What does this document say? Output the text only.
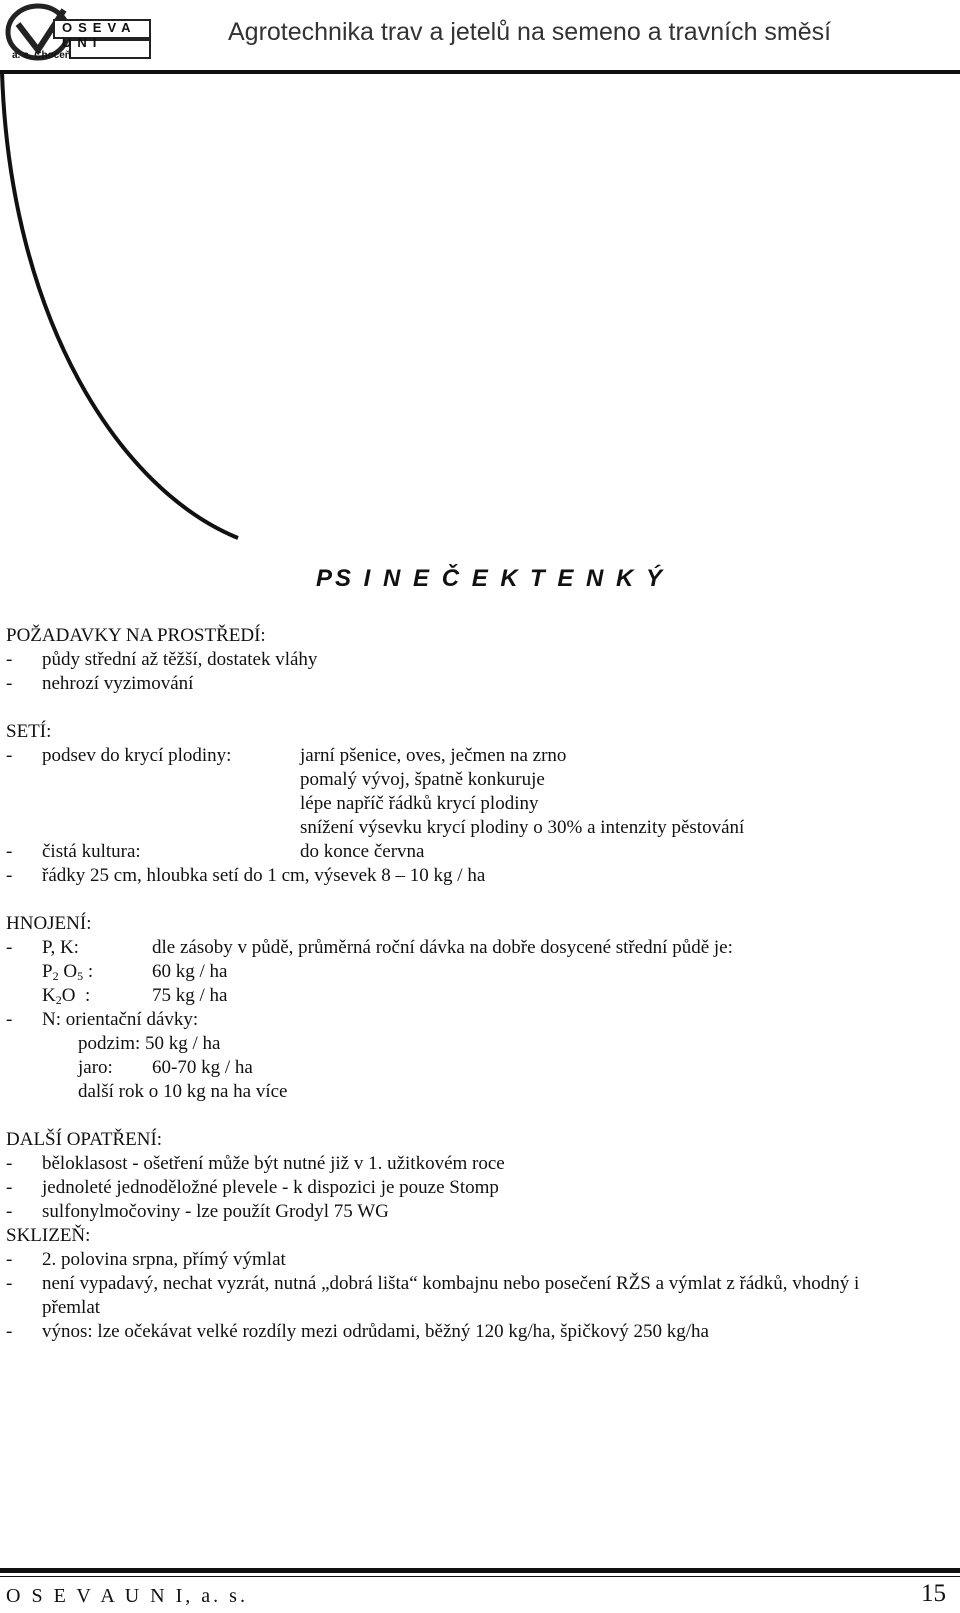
OSEVA UNI
a. s. Choceň
Agrotechnika trav a jetelů na semeno a travních směsí
PS I N E Č E K T E N K Ý
POŽADAVKY NA PROSTŘEDÍ:
- půdy střední až těžší, dostatek vláhy
- nehrozí vyzimování
SETÍ:
- podsev do krycí plodiny:	jarní pšenice, oves, ječmen na zrno
pomalý vývoj, špatně konkuruje
lépe napříč řádků krycí plodiny
snížení výsevku krycí plodiny o 30% a intenzity pěstování
- čistá kultura:	do konce června
- řádky 25 cm, hloubka setí do 1 cm, výsevek 8 – 10 kg / ha
HNOJENÍ:
- P, K:	dle zásoby v půdě, průměrná roční dávka na dobře dosycené střední půdě je:
$P_2$ $O_5$ :	60 kg / ha
$K_2O$  :	75 kg / ha
- N: orientační dávky:
podzim: 50 kg / ha
jaro: 60-70 kg / ha
další rok o 10 kg na ha více
DALŠÍ OPATŘENÍ:
- běloklasost - ošetření může být nutné již v 1. užitkovém roce
- jednoleté jednoděložné plevele - k dispozici je pouze Stomp
- sulfonylmočoviny - lze použít Grodyl 75 WG
SKLIZEŇ:
- 2. polovina srpna, přímý výmlat
- není vypadavý, nechat vyzrát, nutná „dobrá lišta“ kombajnu nebo posečení RŽS a výmlat z řádků, vhodný i
přemlat
- výnos: lze očekávat velké rozdíly mezi odrůdami, běžný 120 kg/ha, špičkový 250 kg/ha
O S E V A U N I, a. s.	15
